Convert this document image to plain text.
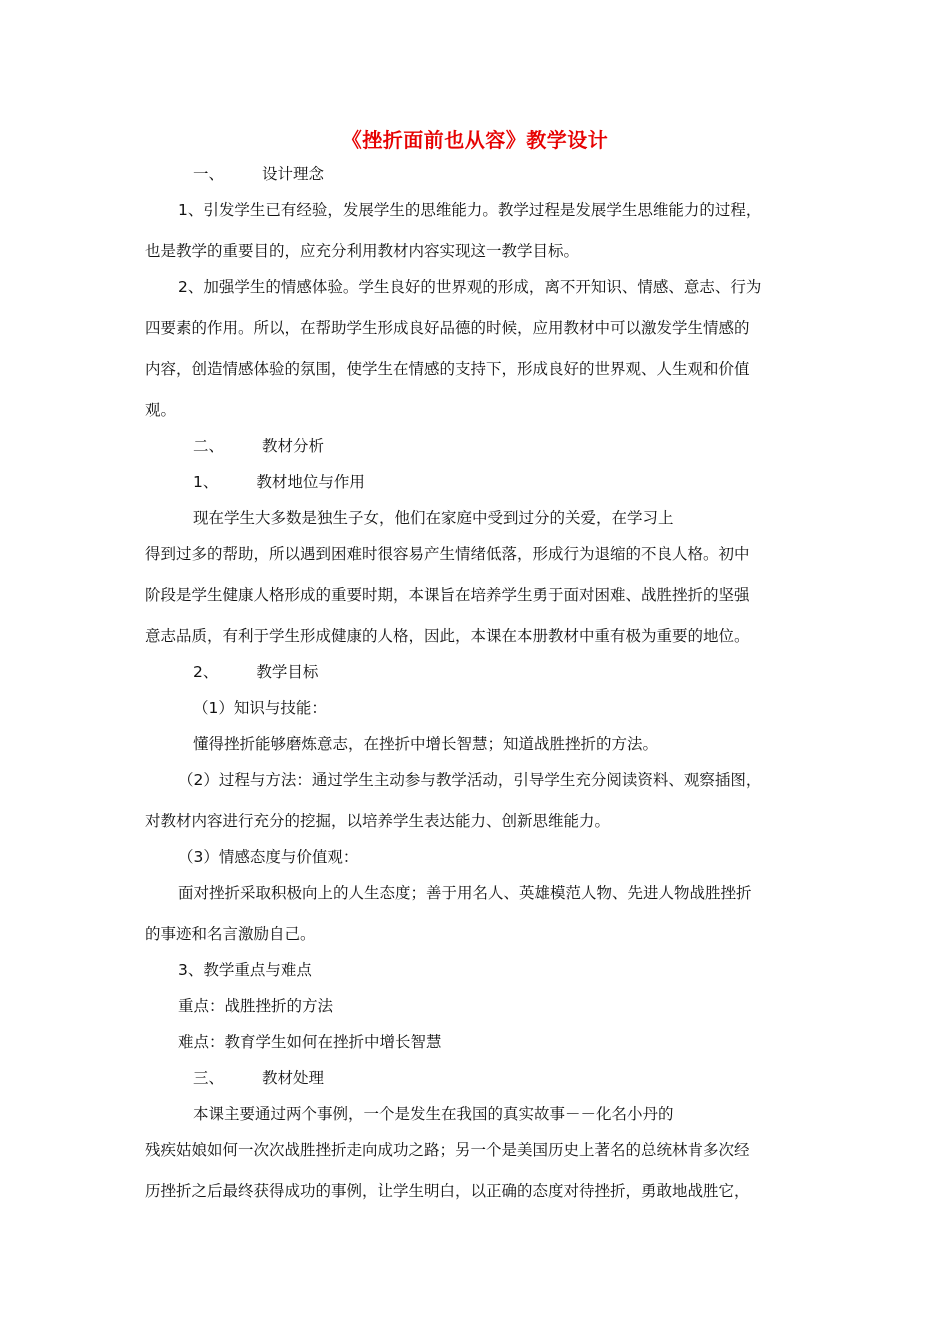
《挫折面前也从容》教学设计
一、 设计理念
1、引发学生已有经验，发展学生的思维能力。教学过程是发展学生思维能力的过程，
也是教学的重要目的，应充分利用教材内容实现这一教学目标。
2、加强学生的情感体验。学生良好的世界观的形成，离不开知识、情感、意志、行为
四要素的作用。所以，在帮助学生形成良好品德的时候，应用教材中可以激发学生情感的
内容，创造情感体验的氛围，使学生在情感的支持下，形成良好的世界观、人生观和价值
观。
二、 教材分析
1、 教材地位与作用
现在学生大多数是独生子女，他们在家庭中受到过分的关爱，在学习上
得到过多的帮助，所以遇到困难时很容易产生情绪低落，形成行为退缩的不良人格。初中
阶段是学生健康人格形成的重要时期，本课旨在培养学生勇于面对困难、战胜挫折的坚强
意志品质，有利于学生形成健康的人格，因此，本课在本册教材中重有极为重要的地位。
2、 教学目标
（1）知识与技能：
懂得挫折能够磨炼意志，在挫折中增长智慧；知道战胜挫折的方法。
（2）过程与方法：通过学生主动参与教学活动，引导学生充分阅读资料、观察插图，
对教材内容进行充分的挖掘，以培养学生表达能力、创新思维能力。
（3）情感态度与价值观：
面对挫折采取积极向上的人生态度；善于用名人、英雄模范人物、先进人物战胜挫折
的事迹和名言激励自己。
3、教学重点与难点
重点：战胜挫折的方法
难点：教育学生如何在挫折中增长智慧
三、 教材处理
本课主要通过两个事例，一个是发生在我国的真实故事－－化名小丹的
残疾姑娘如何一次次战胜挫折走向成功之路；另一个是美国历史上著名的总统林肯多次经
历挫折之后最终获得成功的事例，让学生明白，以正确的态度对待挫折，勇敢地战胜它，
